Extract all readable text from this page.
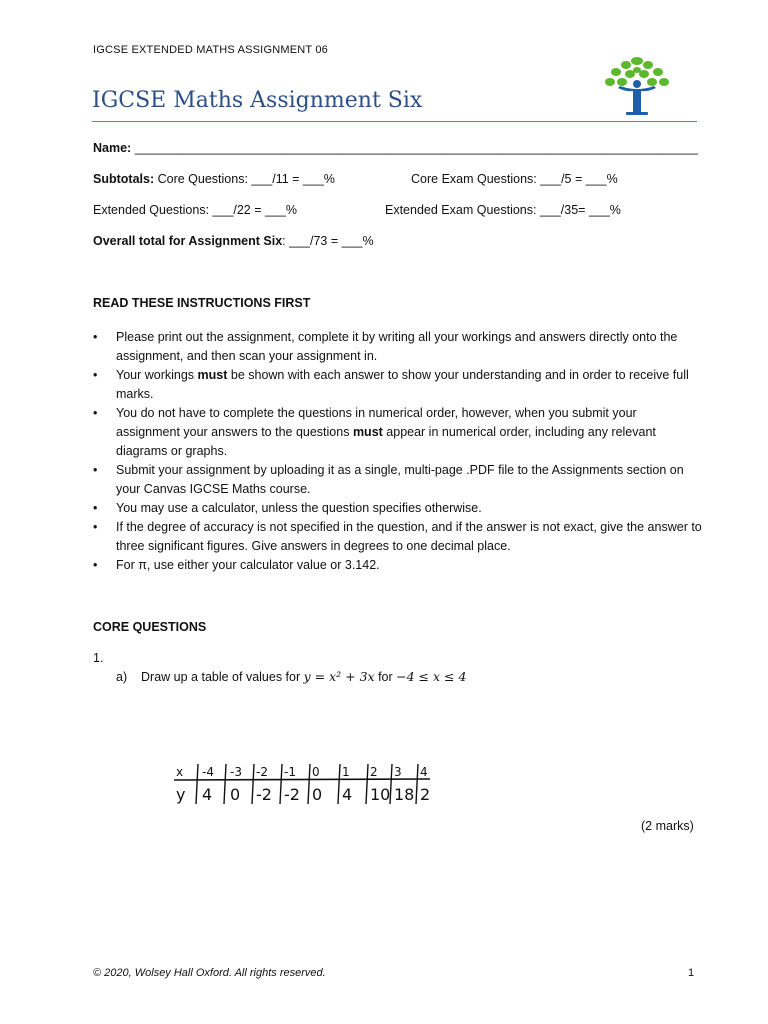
IGCSE EXTENDED MATHS ASSIGNMENT 06
IGCSE Maths Assignment Six
Name: _________________________________________________________________________________
Subtotals: Core Questions: ___/11 = ___%	Core Exam Questions: ___/5 = ___%
Extended Questions: ___/22 = ___%	Extended Exam Questions: ___/35= ___%
Overall total for Assignment Six: ___/73 = ___%
READ THESE INSTRUCTIONS FIRST
• Please print out the assignment, complete it by writing all your workings and answers directly onto the assignment, and then scan your assignment in.
• Your workings must be shown with each answer to show your understanding and in order to receive full marks.
• You do not have to complete the questions in numerical order, however, when you submit your assignment your answers to the questions must appear in numerical order, including any relevant diagrams or graphs.
• Submit your assignment by uploading it as a single, multi-page .PDF file to the Assignments section on your Canvas IGCSE Maths course.
• You may use a calculator, unless the question specifies otherwise.
• If the degree of accuracy is not specified in the question, and if the answer is not exact, give the answer to three significant figures. Give answers in degrees to one decimal place.
• For π, use either your calculator value or 3.142.
CORE QUESTIONS
1.
a) Draw up a table of values for y = x² + 3x for −4 ≤ x ≤ 4
x -4 -3 -2 -1 0 1 2 3 4
y 4 0 -2 -2 0 4 10 18 2
(2 marks)
© 2020, Wolsey Hall Oxford. All rights reserved.	1
